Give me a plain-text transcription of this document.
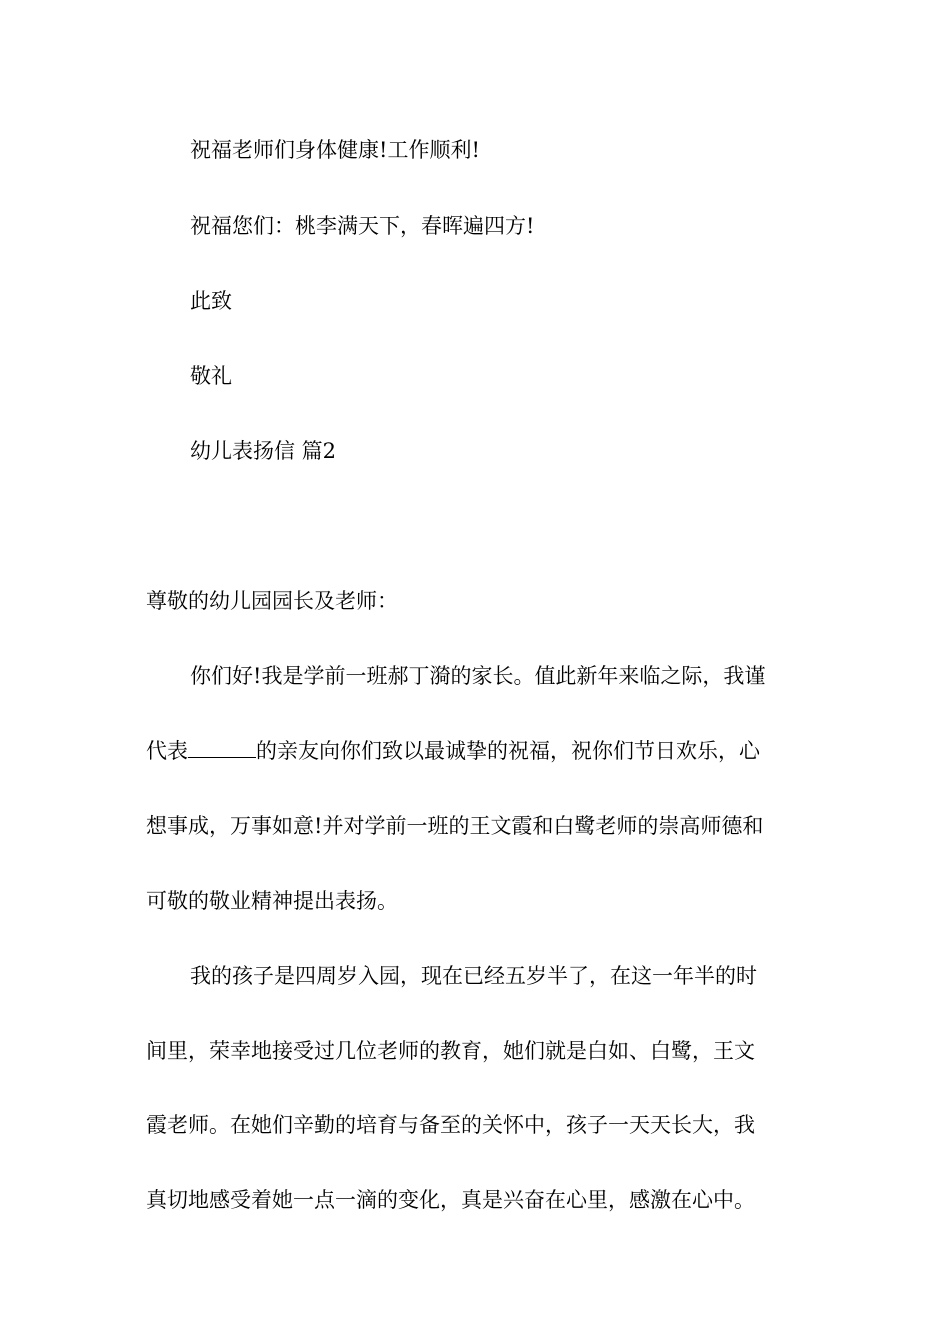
祝福老师们身体健康!工作顺利!

祝福您们：桃李满天下，春晖遍四方!

此致

敬礼

幼儿表扬信 篇2

尊敬的幼儿园园长及老师：

你们好!我是学前一班郝丁漪的家长。值此新年来临之际，我谨

代表	的亲友向你们致以最诚挚的祝福，祝你们节日欢乐，心

想事成，万事如意!并对学前一班的王文霞和白鹭老师的崇高师德和

可敬的敬业精神提出表扬。

我的孩子是四周岁入园，现在已经五岁半了，在这一年半的时

间里，荣幸地接受过几位老师的教育，她们就是白如、白鹭，王文

霞老师。在她们辛勤的培育与备至的关怀中，孩子一天天长大，我

真切地感受着她一点一滴的变化，真是兴奋在心里，感激在心中。
